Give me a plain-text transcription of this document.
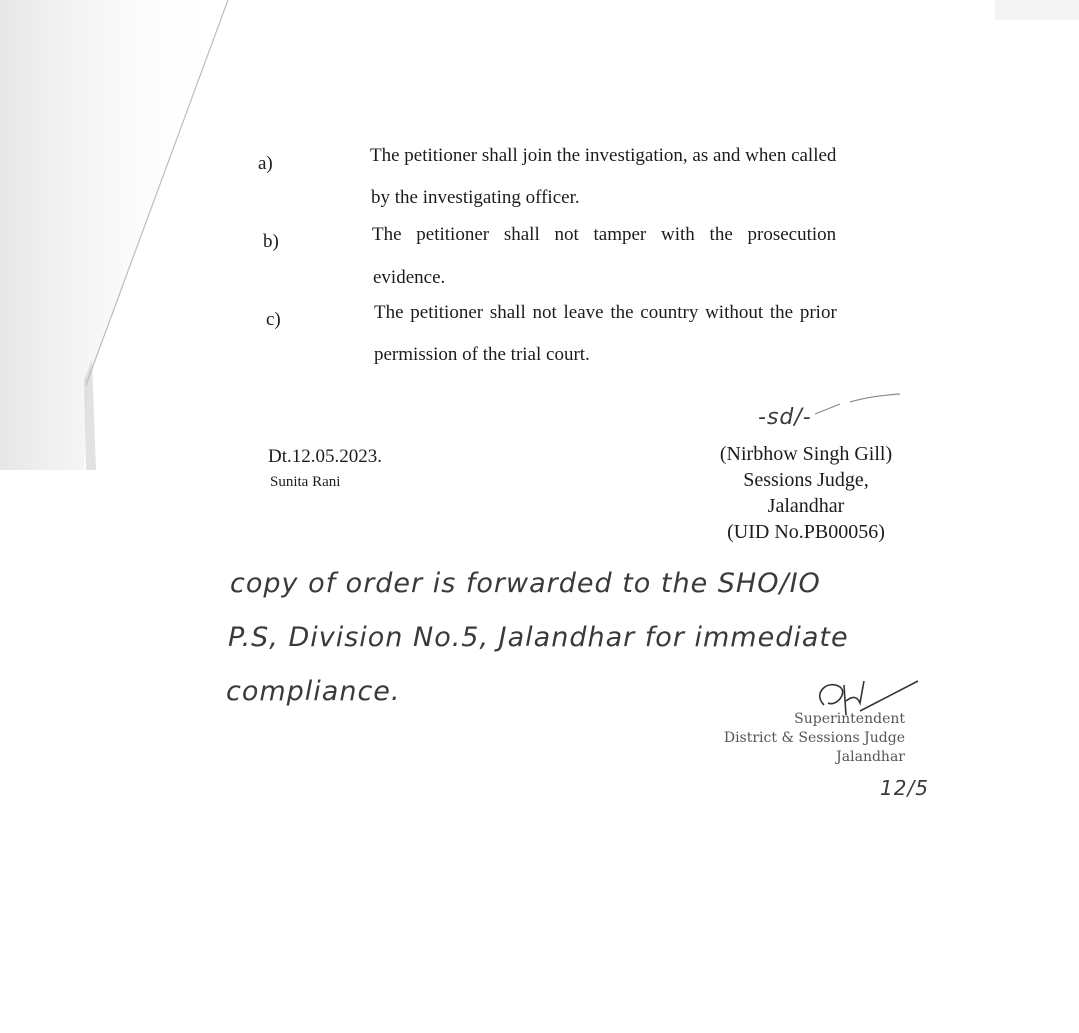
a)	The petitioner shall join the investigation, as and when called
by the investigating officer.
b)	The petitioner shall not tamper with the prosecution
evidence.
c)	The petitioner shall not leave the country without the prior
permission of the trial court.
Dt.12.05.2023.
Sunita Rani
-sd/-
(Nirbhow Singh Gill)
Sessions Judge,
Jalandhar
(UID No.PB00056)
copy of order is forwarded to the SHO/IO
P.S, Division No.5, Jalandhar for immediate
compliance.
Superintendent
District & Sessions Judge
Jalandhar
12/5
